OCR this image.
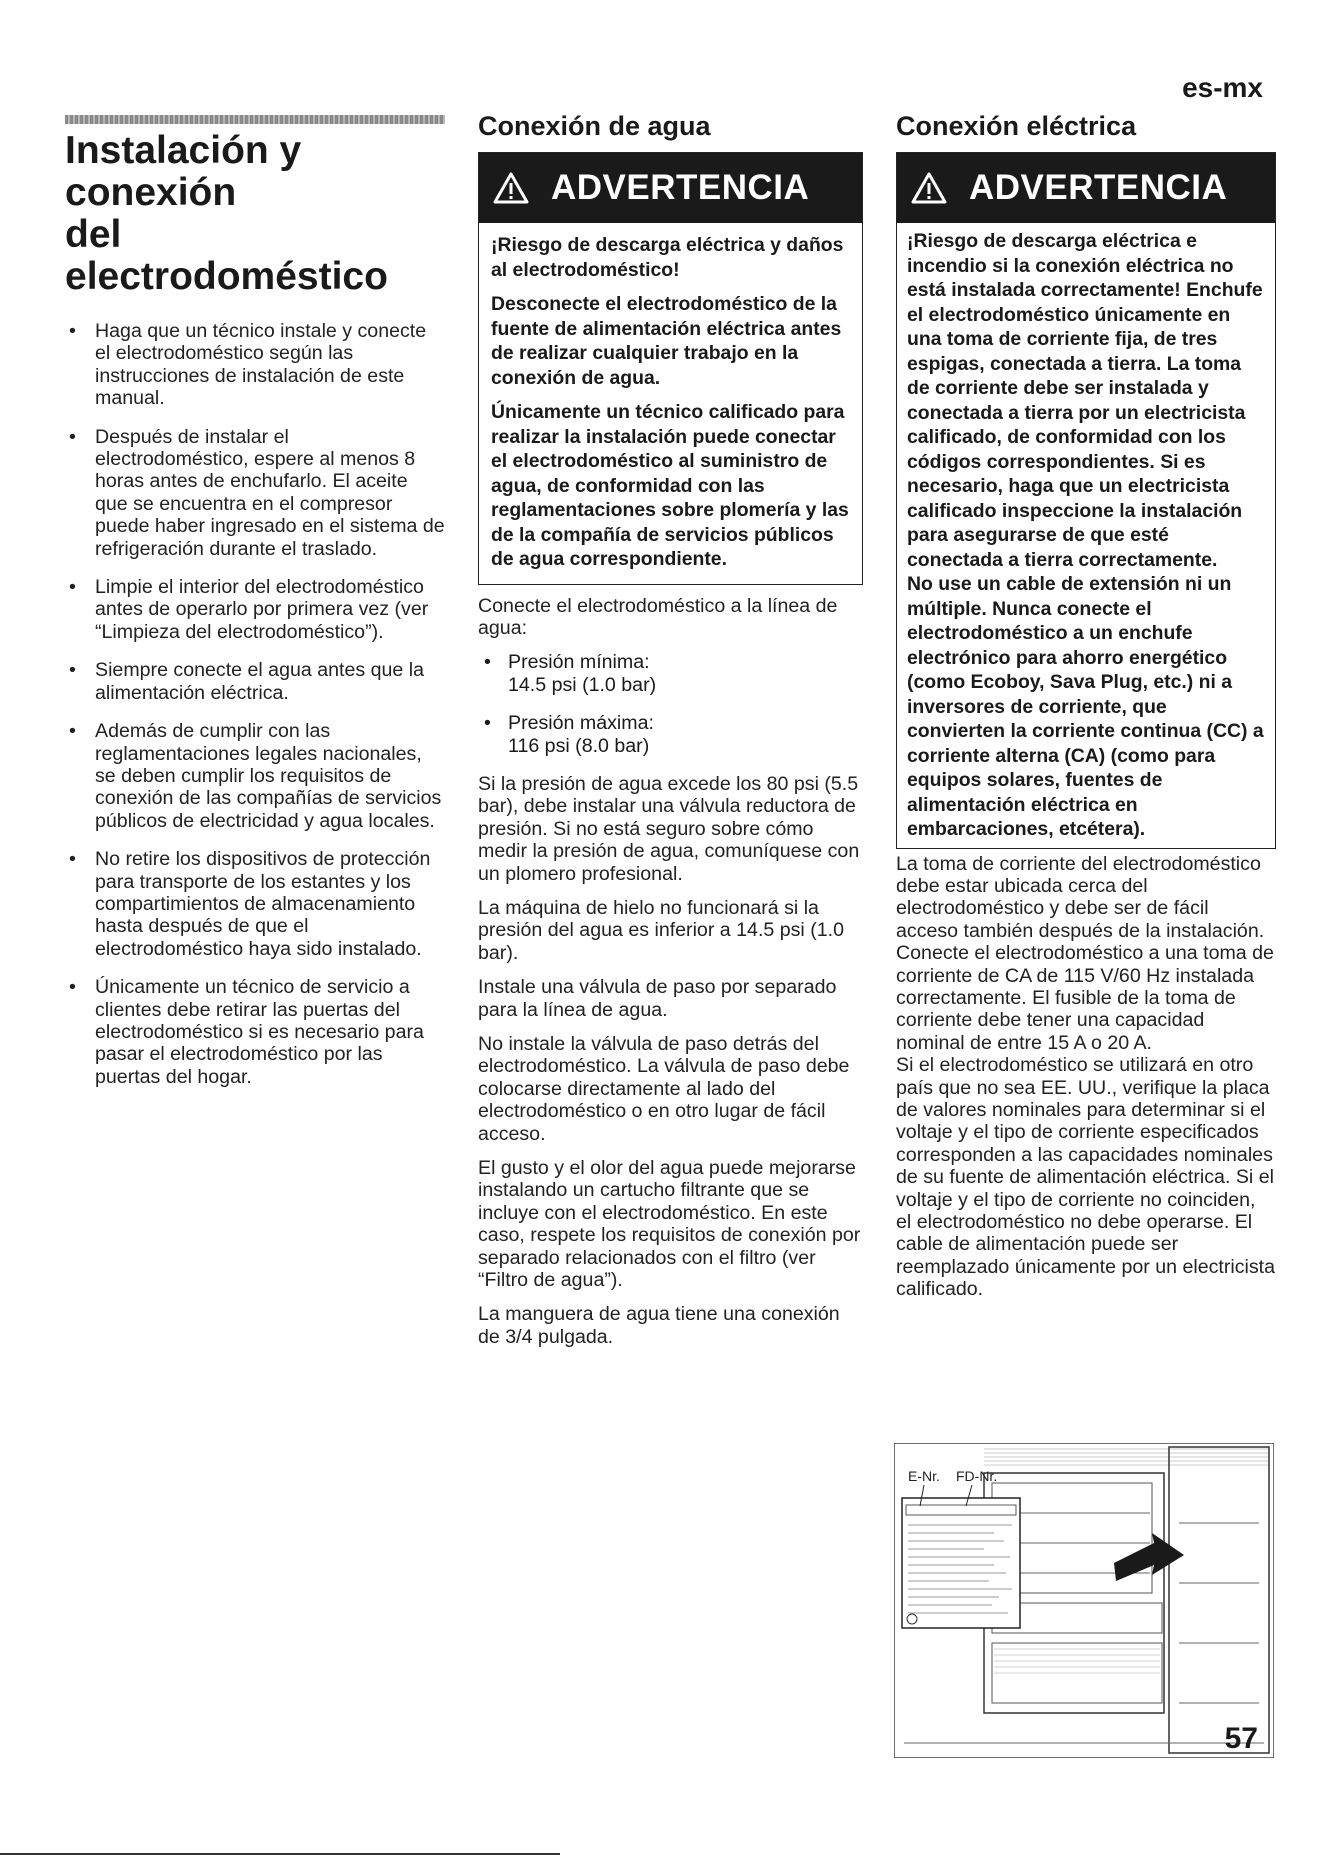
es-mx
Instalación y conexión
del electrodoméstico
• Haga que un técnico instale y conecte el electrodoméstico según las instrucciones de instalación de este manual.
• Después de instalar el electrodoméstico, espere al menos 8 horas antes de enchufarlo. El aceite que se encuentra en el compresor puede haber ingresado en el sistema de refrigeración durante el traslado.
• Limpie el interior del electrodoméstico antes de operarlo por primera vez (ver “Limpieza del electrodoméstico”).
• Siempre conecte el agua antes que la alimentación eléctrica.
• Además de cumplir con las reglamentaciones legales nacionales, se deben cumplir los requisitos de conexión de las compañías de servicios públicos de electricidad y agua locales.
• No retire los dispositivos de protección para transporte de los estantes y los compartimientos de almacenamiento hasta después de que el electrodoméstico haya sido instalado.
• Únicamente un técnico de servicio a clientes debe retirar las puertas del electrodoméstico si es necesario para pasar el electrodoméstico por las puertas del hogar.
Conexión de agua
ADVERTENCIA

¡Riesgo de descarga eléctrica y daños al electrodoméstico!

Desconecte el electrodoméstico de la fuente de alimentación eléctrica antes de realizar cualquier trabajo en la conexión de agua.

Únicamente un técnico calificado para realizar la instalación puede conectar el electrodoméstico al suministro de agua, de conformidad con las reglamentaciones sobre plomería y las de la compañía de servicios públicos de agua correspondiente.

Conecte el electrodoméstico a la línea de agua:

• Presión mínima:
14.5 psi (1.0 bar)
• Presión máxima:
116 psi (8.0 bar)

Si la presión de agua excede los 80 psi (5.5 bar), debe instalar una válvula reductora de presión. Si no está seguro sobre cómo medir la presión de agua, comuníquese con un plomero profesional.

La máquina de hielo no funcionará si la presión del agua es inferior a 14.5 psi (1.0 bar).

Instale una válvula de paso por separado para la línea de agua.

No instale la válvula de paso detrás del electrodoméstico. La válvula de paso debe colocarse directamente al lado del electrodoméstico o en otro lugar de fácil acceso.

El gusto y el olor del agua puede mejorarse instalando un cartucho filtrante que se incluye con el electrodoméstico. En este caso, respete los requisitos de conexión por separado relacionados con el filtro (ver “Filtro de agua”).

La manguera de agua tiene una conexión de 3/4 pulgada.

Conexión eléctrica
ADVERTENCIA

¡Riesgo de descarga eléctrica e incendio si la conexión eléctrica no está instalada correctamente! Enchufe el electrodoméstico únicamente en una toma de corriente fija, de tres espigas, conectada a tierra. La toma de corriente debe ser instalada y conectada a tierra por un electricista calificado, de conformidad con los códigos correspondientes. Si es necesario, haga que un electricista calificado inspeccione la instalación para asegurarse de que esté conectada a tierra correctamente.

No use un cable de extensión ni un múltiple. Nunca conecte el electrodoméstico a un enchufe electrónico para ahorro energético (como Ecoboy, Sava Plug, etc.) ni a inversores de corriente, que convierten la corriente continua (CC) a corriente alterna (CA) (como para equipos solares, fuentes de alimentación eléctrica en embarcaciones, etcétera).

La toma de corriente del electrodoméstico debe estar ubicada cerca del electrodoméstico y debe ser de fácil acceso también después de la instalación.

Conecte el electrodoméstico a una toma de corriente de CA de 115 V/60 Hz instalada correctamente. El fusible de la toma de corriente debe tener una capacidad nominal de entre 15 A o 20 A.

Si el electrodoméstico se utilizará en otro país que no sea EE. UU., verifique la placa de valores nominales para determinar si el voltaje y el tipo de corriente especificados corresponden a las capacidades nominales de su fuente de alimentación eléctrica. Si el voltaje y el tipo de corriente no coinciden, el electrodoméstico no debe operarse. El cable de alimentación puede ser reemplazado únicamente por un electricista calificado.

E-Nr. FD-Nr.
57
